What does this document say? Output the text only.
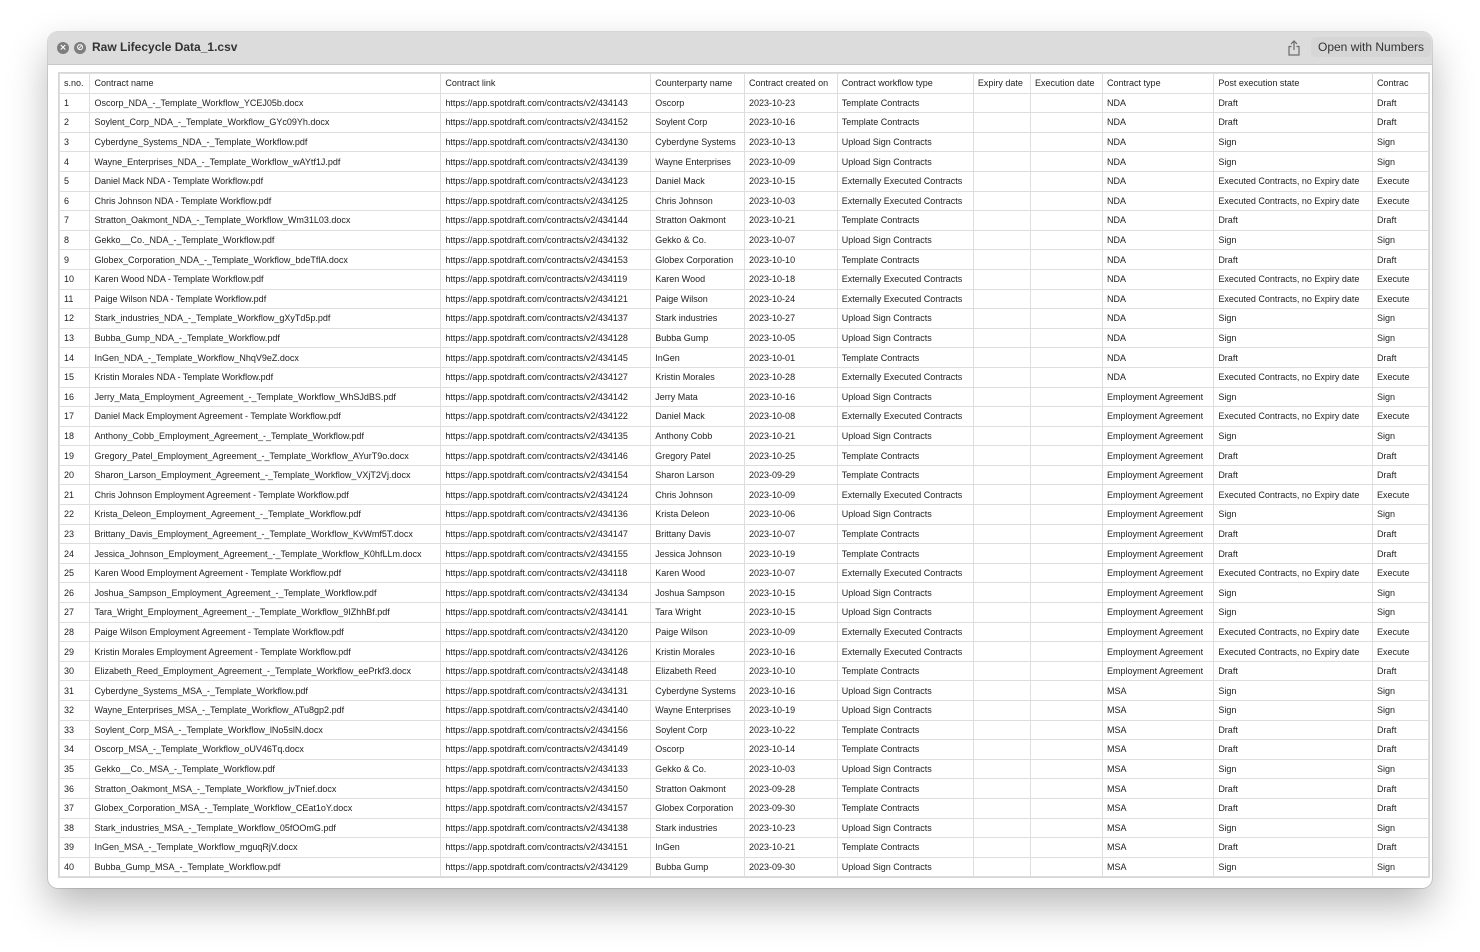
× ⊘ Raw Lifecycle Data_1.csv	Open with Numbers
s.no.	Contract name	Contract link	Counterparty name	Contract created on	Contract workflow type	Expiry date	Execution date	Contract type	Post execution state	Contrac
1	Oscorp_NDA_-_Template_Workflow_YCEJ05b.docx	https://app.spotdraft.com/contracts/v2/434143	Oscorp	2023-10-23	Template Contracts			NDA	Draft	Draft
2	Soylent_Corp_NDA_-_Template_Workflow_GYc09Yh.docx	https://app.spotdraft.com/contracts/v2/434152	Soylent Corp	2023-10-16	Template Contracts			NDA	Draft	Draft
3	Cyberdyne_Systems_NDA_-_Template_Workflow.pdf	https://app.spotdraft.com/contracts/v2/434130	Cyberdyne Systems	2023-10-13	Upload Sign Contracts			NDA	Sign	Sign
4	Wayne_Enterprises_NDA_-_Template_Workflow_wAYtf1J.pdf	https://app.spotdraft.com/contracts/v2/434139	Wayne Enterprises	2023-10-09	Upload Sign Contracts			NDA	Sign	Sign
5	Daniel Mack NDA - Template Workflow.pdf	https://app.spotdraft.com/contracts/v2/434123	Daniel Mack	2023-10-15	Externally Executed Contracts			NDA	Executed Contracts, no Expiry date	Execute
6	Chris Johnson NDA - Template Workflow.pdf	https://app.spotdraft.com/contracts/v2/434125	Chris Johnson	2023-10-03	Externally Executed Contracts			NDA	Executed Contracts, no Expiry date	Execute
7	Stratton_Oakmont_NDA_-_Template_Workflow_Wm31L03.docx	https://app.spotdraft.com/contracts/v2/434144	Stratton Oakmont	2023-10-21	Template Contracts			NDA	Draft	Draft
8	Gekko__Co._NDA_-_Template_Workflow.pdf	https://app.spotdraft.com/contracts/v2/434132	Gekko & Co.	2023-10-07	Upload Sign Contracts			NDA	Sign	Sign
9	Globex_Corporation_NDA_-_Template_Workflow_bdeTflA.docx	https://app.spotdraft.com/contracts/v2/434153	Globex Corporation	2023-10-10	Template Contracts			NDA	Draft	Draft
10	Karen Wood NDA - Template Workflow.pdf	https://app.spotdraft.com/contracts/v2/434119	Karen Wood	2023-10-18	Externally Executed Contracts			NDA	Executed Contracts, no Expiry date	Execute
11	Paige Wilson NDA - Template Workflow.pdf	https://app.spotdraft.com/contracts/v2/434121	Paige Wilson	2023-10-24	Externally Executed Contracts			NDA	Executed Contracts, no Expiry date	Execute
12	Stark_industries_NDA_-_Template_Workflow_gXyTd5p.pdf	https://app.spotdraft.com/contracts/v2/434137	Stark industries	2023-10-27	Upload Sign Contracts			NDA	Sign	Sign
13	Bubba_Gump_NDA_-_Template_Workflow.pdf	https://app.spotdraft.com/contracts/v2/434128	Bubba Gump	2023-10-05	Upload Sign Contracts			NDA	Sign	Sign
14	InGen_NDA_-_Template_Workflow_NhqV9eZ.docx	https://app.spotdraft.com/contracts/v2/434145	InGen	2023-10-01	Template Contracts			NDA	Draft	Draft
15	Kristin Morales NDA - Template Workflow.pdf	https://app.spotdraft.com/contracts/v2/434127	Kristin Morales	2023-10-28	Externally Executed Contracts			NDA	Executed Contracts, no Expiry date	Execute
16	Jerry_Mata_Employment_Agreement_-_Template_Workflow_WhSJdBS.pdf	https://app.spotdraft.com/contracts/v2/434142	Jerry Mata	2023-10-16	Upload Sign Contracts			Employment Agreement	Sign	Sign
17	Daniel Mack Employment Agreement - Template Workflow.pdf	https://app.spotdraft.com/contracts/v2/434122	Daniel Mack	2023-10-08	Externally Executed Contracts			Employment Agreement	Executed Contracts, no Expiry date	Execute
18	Anthony_Cobb_Employment_Agreement_-_Template_Workflow.pdf	https://app.spotdraft.com/contracts/v2/434135	Anthony Cobb	2023-10-21	Upload Sign Contracts			Employment Agreement	Sign	Sign
19	Gregory_Patel_Employment_Agreement_-_Template_Workflow_AYurT9o.docx	https://app.spotdraft.com/contracts/v2/434146	Gregory Patel	2023-10-25	Template Contracts			Employment Agreement	Draft	Draft
20	Sharon_Larson_Employment_Agreement_-_Template_Workflow_VXjT2Vj.docx	https://app.spotdraft.com/contracts/v2/434154	Sharon Larson	2023-09-29	Template Contracts			Employment Agreement	Draft	Draft
21	Chris Johnson Employment Agreement - Template Workflow.pdf	https://app.spotdraft.com/contracts/v2/434124	Chris Johnson	2023-10-09	Externally Executed Contracts			Employment Agreement	Executed Contracts, no Expiry date	Execute
22	Krista_Deleon_Employment_Agreement_-_Template_Workflow.pdf	https://app.spotdraft.com/contracts/v2/434136	Krista Deleon	2023-10-06	Upload Sign Contracts			Employment Agreement	Sign	Sign
23	Brittany_Davis_Employment_Agreement_-_Template_Workflow_KvWmf5T.docx	https://app.spotdraft.com/contracts/v2/434147	Brittany Davis	2023-10-07	Template Contracts			Employment Agreement	Draft	Draft
24	Jessica_Johnson_Employment_Agreement_-_Template_Workflow_K0hfLLm.docx	https://app.spotdraft.com/contracts/v2/434155	Jessica Johnson	2023-10-19	Template Contracts			Employment Agreement	Draft	Draft
25	Karen Wood Employment Agreement - Template Workflow.pdf	https://app.spotdraft.com/contracts/v2/434118	Karen Wood	2023-10-07	Externally Executed Contracts			Employment Agreement	Executed Contracts, no Expiry date	Execute
26	Joshua_Sampson_Employment_Agreement_-_Template_Workflow.pdf	https://app.spotdraft.com/contracts/v2/434134	Joshua Sampson	2023-10-15	Upload Sign Contracts			Employment Agreement	Sign	Sign
27	Tara_Wright_Employment_Agreement_-_Template_Workflow_9IZhhBf.pdf	https://app.spotdraft.com/contracts/v2/434141	Tara Wright	2023-10-15	Upload Sign Contracts			Employment Agreement	Sign	Sign
28	Paige Wilson Employment Agreement - Template Workflow.pdf	https://app.spotdraft.com/contracts/v2/434120	Paige Wilson	2023-10-09	Externally Executed Contracts			Employment Agreement	Executed Contracts, no Expiry date	Execute
29	Kristin Morales Employment Agreement - Template Workflow.pdf	https://app.spotdraft.com/contracts/v2/434126	Kristin Morales	2023-10-16	Externally Executed Contracts			Employment Agreement	Executed Contracts, no Expiry date	Execute
30	Elizabeth_Reed_Employment_Agreement_-_Template_Workflow_eePrkf3.docx	https://app.spotdraft.com/contracts/v2/434148	Elizabeth Reed	2023-10-10	Template Contracts			Employment Agreement	Draft	Draft
31	Cyberdyne_Systems_MSA_-_Template_Workflow.pdf	https://app.spotdraft.com/contracts/v2/434131	Cyberdyne Systems	2023-10-16	Upload Sign Contracts			MSA	Sign	Sign
32	Wayne_Enterprises_MSA_-_Template_Workflow_ATu8gp2.pdf	https://app.spotdraft.com/contracts/v2/434140	Wayne Enterprises	2023-10-19	Upload Sign Contracts			MSA	Sign	Sign
33	Soylent_Corp_MSA_-_Template_Workflow_lNo5slN.docx	https://app.spotdraft.com/contracts/v2/434156	Soylent Corp	2023-10-22	Template Contracts			MSA	Draft	Draft
34	Oscorp_MSA_-_Template_Workflow_oUV46Tq.docx	https://app.spotdraft.com/contracts/v2/434149	Oscorp	2023-10-14	Template Contracts			MSA	Draft	Draft
35	Gekko__Co._MSA_-_Template_Workflow.pdf	https://app.spotdraft.com/contracts/v2/434133	Gekko & Co.	2023-10-03	Upload Sign Contracts			MSA	Sign	Sign
36	Stratton_Oakmont_MSA_-_Template_Workflow_jvTnief.docx	https://app.spotdraft.com/contracts/v2/434150	Stratton Oakmont	2023-09-28	Template Contracts			MSA	Draft	Draft
37	Globex_Corporation_MSA_-_Template_Workflow_CEat1oY.docx	https://app.spotdraft.com/contracts/v2/434157	Globex Corporation	2023-09-30	Template Contracts			MSA	Draft	Draft
38	Stark_industries_MSA_-_Template_Workflow_05fOOmG.pdf	https://app.spotdraft.com/contracts/v2/434138	Stark industries	2023-10-23	Upload Sign Contracts			MSA	Sign	Sign
39	InGen_MSA_-_Template_Workflow_mguqRjV.docx	https://app.spotdraft.com/contracts/v2/434151	InGen	2023-10-21	Template Contracts			MSA	Draft	Draft
40	Bubba_Gump_MSA_-_Template_Workflow.pdf	https://app.spotdraft.com/contracts/v2/434129	Bubba Gump	2023-09-30	Upload Sign Contracts			MSA	Sign	Sign
